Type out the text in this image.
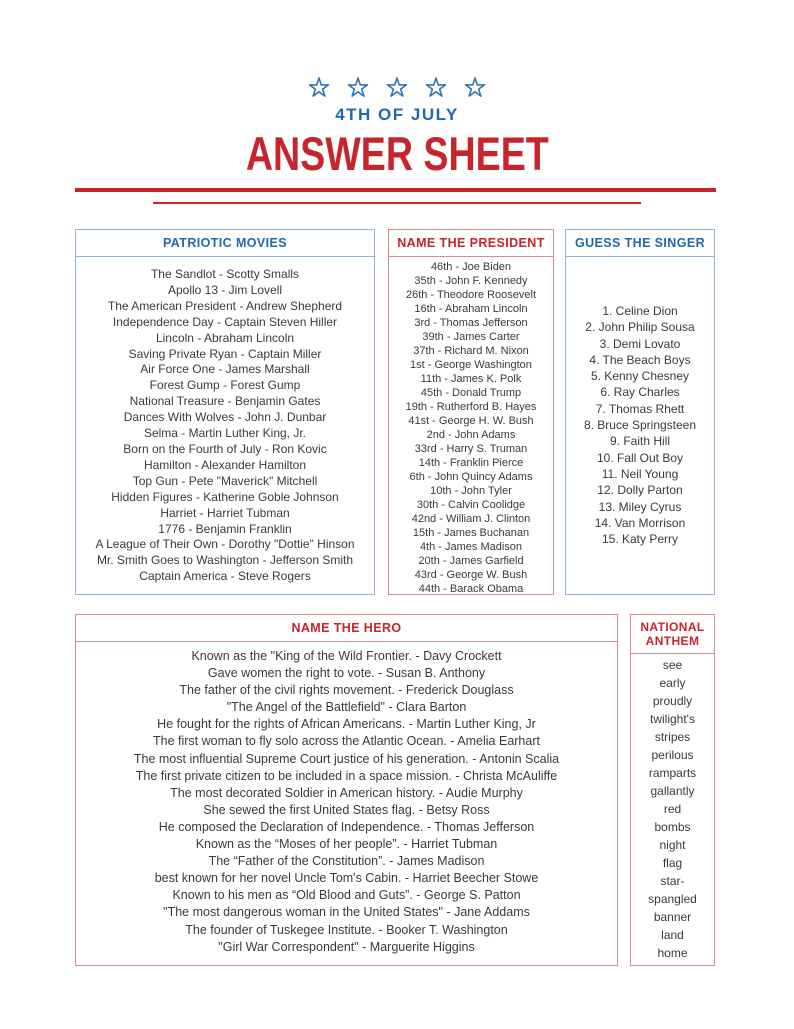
4TH OF JULY
ANSWER SHEET
PATRIOTIC MOVIES
The Sandlot - Scotty Smalls
Apollo 13 - Jim Lovell
The American President - Andrew Shepherd
Independence Day - Captain Steven Hiller
Lincoln - Abraham Lincoln
Saving Private Ryan - Captain Miller
Air Force One - James Marshall
Forest Gump - Forest Gump
National Treasure - Benjamin Gates
Dances With Wolves - John J. Dunbar
Selma - Martin Luther King, Jr.
Born on the Fourth of July - Ron Kovic
Hamilton - Alexander Hamilton
Top Gun - Pete "Maverick" Mitchell
Hidden Figures - Katherine Goble Johnson
Harriet - Harriet Tubman
1776 - Benjamin Franklin
A League of Their Own - Dorothy "Dottie" Hinson
Mr. Smith Goes to Washington - Jefferson Smith
Captain America - Steve Rogers
NAME THE PRESIDENT
46th - Joe Biden
35th - John F. Kennedy
26th - Theodore Roosevelt
16th - Abraham Lincoln
3rd - Thomas Jefferson
39th - James Carter
37th - Richard M. Nixon
1st - George Washington
11th - James K. Polk
45th - Donald Trump
19th - Rutherford B. Hayes
41st - George H. W. Bush
2nd - John Adams
33rd - Harry S. Truman
14th - Franklin Pierce
6th - John Quincy Adams
10th - John Tyler
30th - Calvin Coolidge
42nd - William J. Clinton
15th - James Buchanan
4th - James Madison
20th - James Garfield
43rd - George W. Bush
44th - Barack Obama
GUESS THE SINGER
1. Celine Dion
2. John Philip Sousa
3. Demi Lovato
4. The Beach Boys
5. Kenny Chesney
6. Ray Charles
7. Thomas Rhett
8. Bruce Springsteen
9. Faith Hill
10. Fall Out Boy
11. Neil Young
12. Dolly Parton
13. Miley Cyrus
14. Van Morrison
15. Katy Perry
NAME THE HERO
Known as the "King of the Wild Frontier. - Davy Crockett
Gave women the right to vote. - Susan B. Anthony
The father of the civil rights movement. - Frederick Douglass
"The Angel of the Battlefield" - Clara Barton
He fought for the rights of African Americans. - Martin Luther King, Jr
The first woman to fly solo across the Atlantic Ocean. - Amelia Earhart
The most influential Supreme Court justice of his generation. - Antonin Scalia
The first private citizen to be included in a space mission. - Christa McAuliffe
The most decorated Soldier in American history. - Audie Murphy
She sewed the first United States flag. - Betsy Ross
He composed the Declaration of Independence. - Thomas Jefferson
Known as the “Moses of her people”. - Harriet Tubman
The “Father of the Constitution”. - James Madison
best known for her novel Uncle Tom's Cabin. - Harriet Beecher Stowe
Known to his men as “Old Blood and Guts”. - George S. Patton
"The most dangerous woman in the United States" - Jane Addams
The founder of Tuskegee Institute. - Booker T. Washington
"Girl War Correspondent" - Marguerite Higgins
NATIONAL ANTHEM
see
early
proudly
twilight's
stripes
perilous
ramparts
gallantly
red
bombs
night
flag
star-
spangled
banner
land
home
